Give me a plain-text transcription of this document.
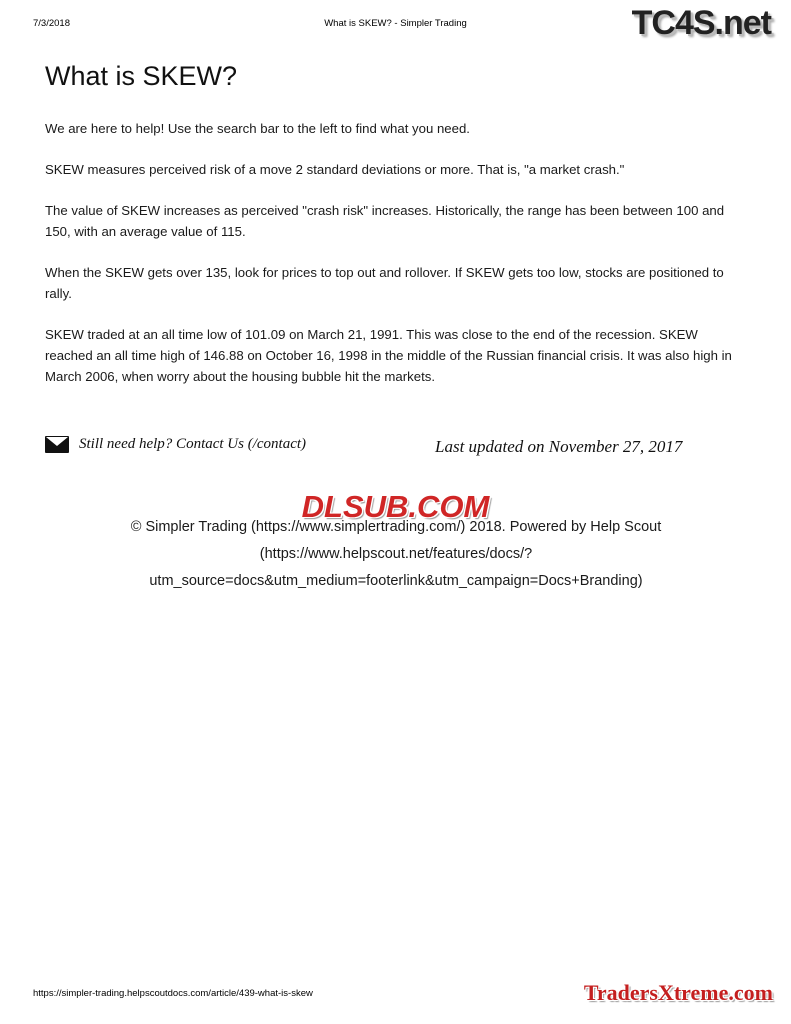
7/3/2018	What is SKEW? - Simpler Trading	TC4S.net
What is SKEW?

We are here to help! Use the search bar to the left to find what you need.

SKEW measures perceived risk of a move 2 standard deviations or more. That is, "a market crash."

The value of SKEW increases as perceived "crash risk" increases. Historically, the range has been between 100 and 150, with an average value of 115.

When the SKEW gets over 135, look for prices to top out and rollover. If SKEW gets too low, stocks are positioned to rally.

SKEW traded at an all time low of 101.09 on March 21, 1991. This was close to the end of the recession. SKEW reached an all time high of 146.88 on October 16, 1998 in the middle of the Russian financial crisis. It was also high in March 2006, when worry about the housing bubble hit the markets.

Still need help? Contact Us (/contact)	Last updated on November 27, 2017
DLSUB.COM
© Simpler Trading (https://www.simplertrading.com/) 2018. Powered by Help Scout
(https://www.helpscout.net/features/docs/?
utm_source=docs&utm_medium=footerlink&utm_campaign=Docs+Branding)
https://simpler-trading.helpscoutdocs.com/article/439-what-is-skew	TradersXtreme.com
